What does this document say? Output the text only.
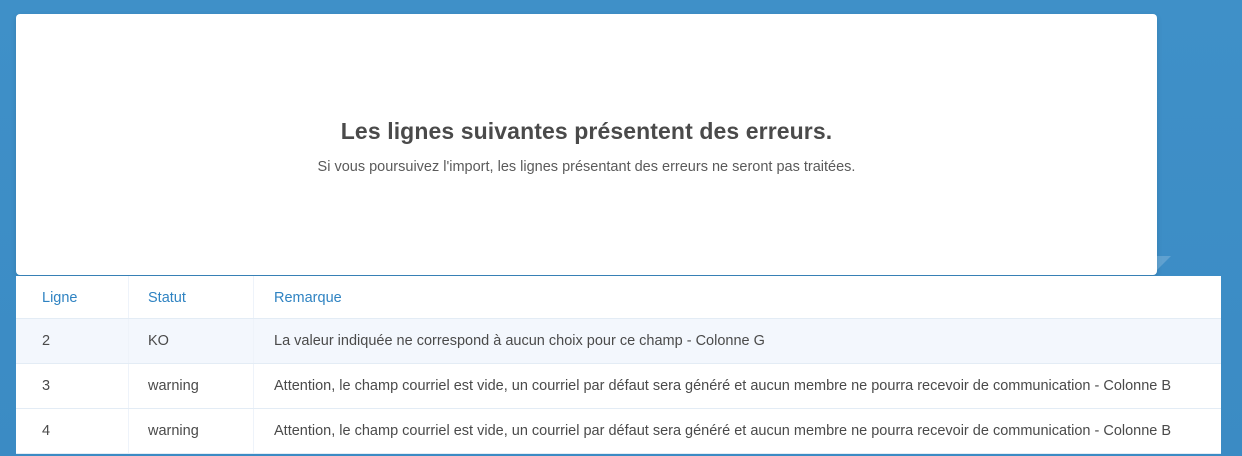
Les lignes suivantes présentent des erreurs.

Si vous poursuivez l'import, les lignes présentant des erreurs ne seront pas traitées.

Ligne	Statut	Remarque
2	KO	La valeur indiquée ne correspond à aucun choix pour ce champ - Colonne G
3	warning	Attention, le champ courriel est vide, un courriel par défaut sera généré et aucun membre ne pourra recevoir de communication - Colonne B
4	warning	Attention, le champ courriel est vide, un courriel par défaut sera généré et aucun membre ne pourra recevoir de communication - Colonne B
